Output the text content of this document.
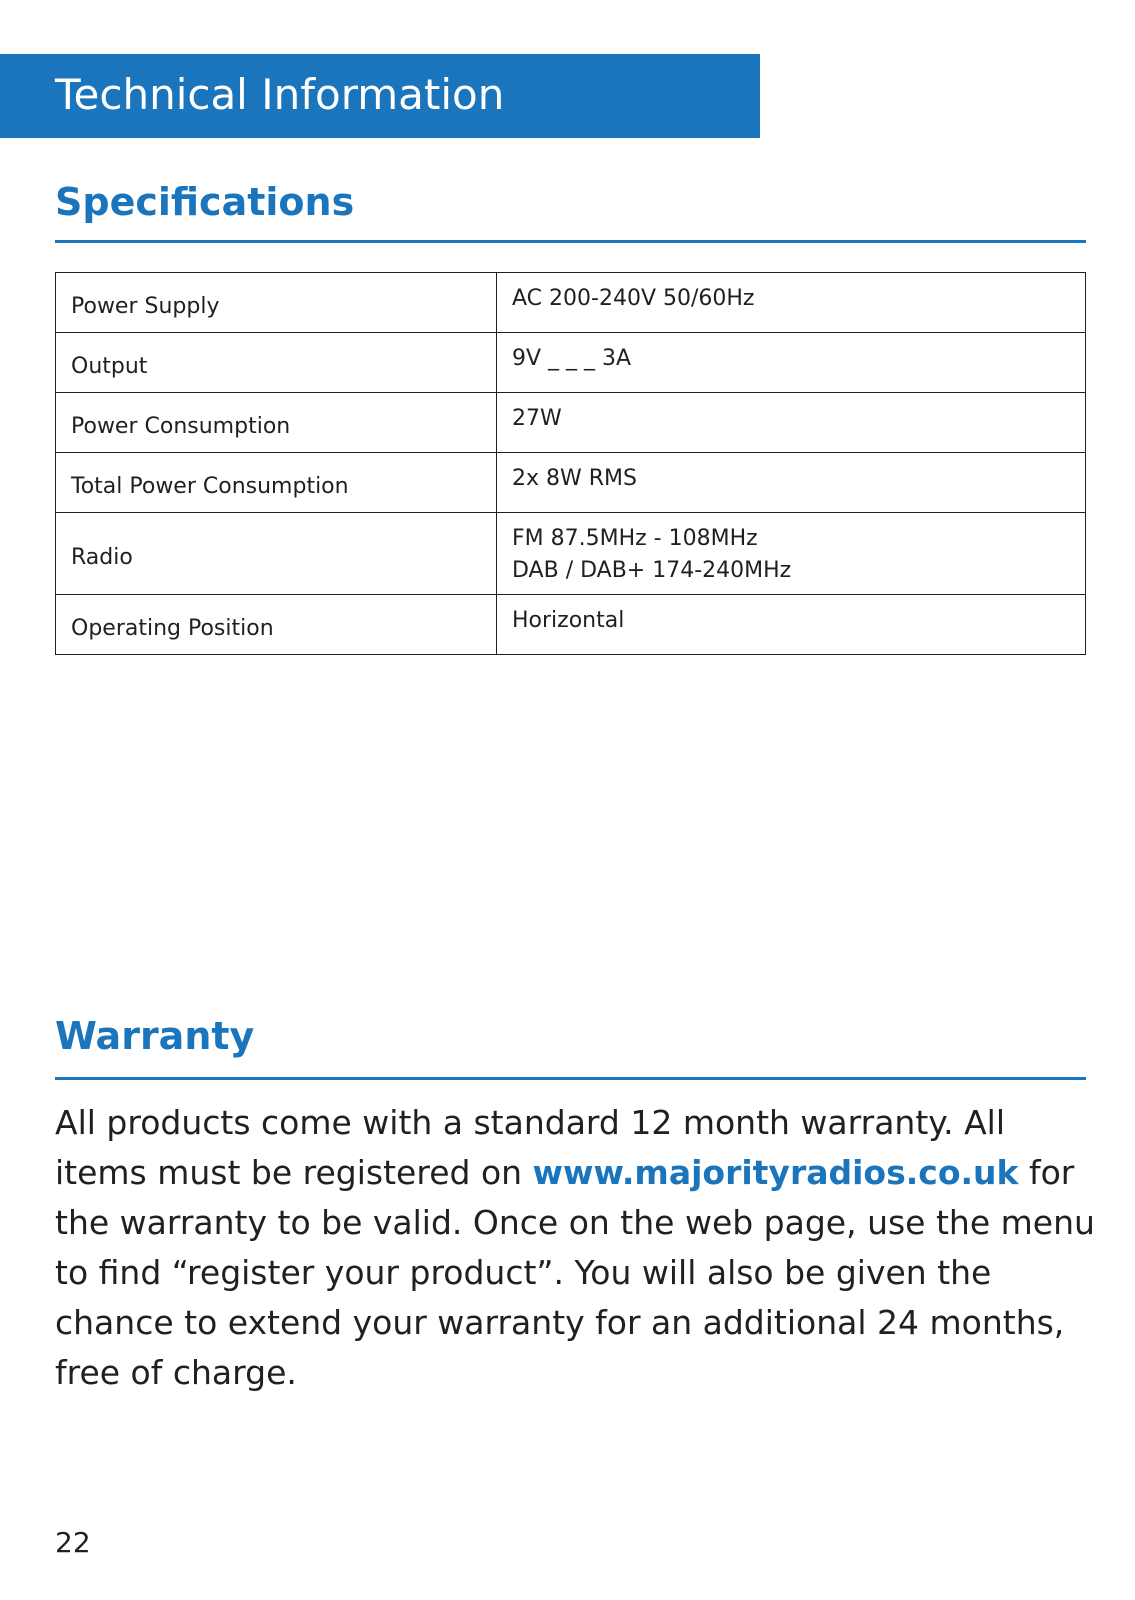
Technical Information
Specifications
Power Supply	AC 200-240V 50/60Hz

Output	9V _ _ _ 3A

Power Consumption	27W

Total Power Consumption	2x 8W RMS

Radio	FM 87.5MHz - 108MHz
DAB / DAB+ 174-240MHz

Operating Position	Horizontal
Warranty
All products come with a standard 12 month warranty. All items must be registered on www.majorityradios.co.uk for the warranty to be valid. Once on the web page, use the menu to find “register your product”. You will also be given the chance to extend your warranty for an additional 24 months, free of charge.
22
